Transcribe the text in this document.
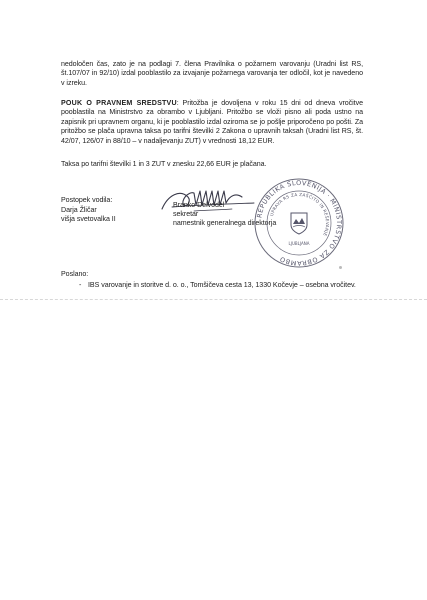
nedoločen čas, zato je na podlagi 7. člena Pravilnika o požarnem varovanju (Uradni list RS, št.107/07 in 92/10) izdal pooblastilo za izvajanje požarnega varovanja ter odločil, kot je navedeno v izreku.
POUK O PRAVNEM SREDSTVU: Pritožba je dovoljena v roku 15 dni od dneva vročitve pooblastila na Ministrstvo za obrambo v Ljubljani. Pritožbo se vloži pisno ali poda ustno na zapisnik pri upravnem organu, ki je pooblastilo izdal oziroma se jo pošlje priporočeno po pošti. Za pritožbo se plača upravna taksa po tarifni številki 2 Zakona o upravnih taksah (Uradni list RS, št. 42/07, 126/07 in 88/10 – v nadaljevanju ZUT) v vrednosti 18,12 EUR.
Taksa po tarifni številki 1 in 3 ZUT v znesku 22,66 EUR je plačana.
Postopek vodila:
Darja Žličar
višja svetovalka II
Branko Delvodel
sekretar
namestnik generalnega direktorja
REPUBLIKA SLOVENIJA · MINISTRSTVO ZA OBRAMBO
UPRAVA RS ZA ZAŠČITO IN REŠEVANJE
LJUBLJANA
Poslano:
- IBS varovanje in storitve d. o. o., Tomšičeva cesta 13, 1330 Kočevje – osebna vročitev.
